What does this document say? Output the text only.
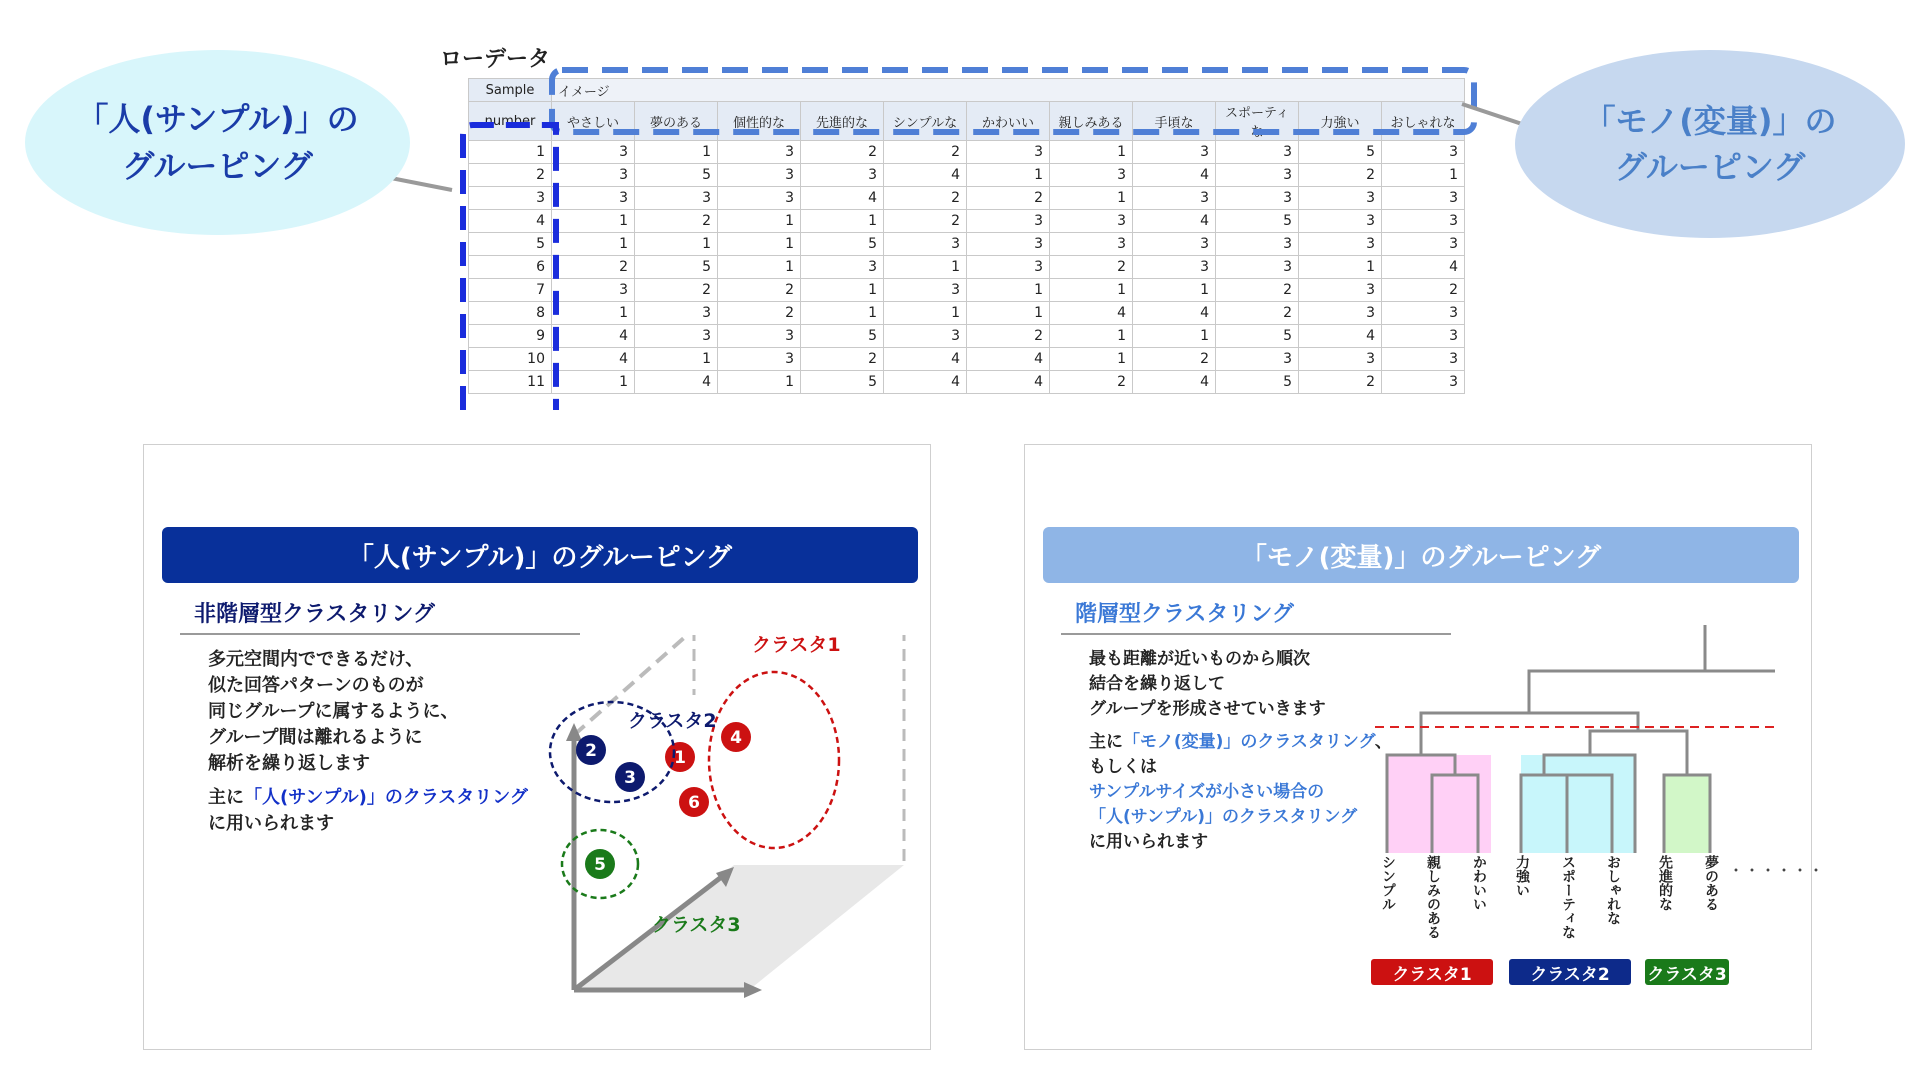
ローデータ
Sample	イメージ										
number	やさしい	夢のある	個性的な	先進的な	シンプルな	かわいい	親しみある	手頃な	スポーティな	力強い	おしゃれな
1	3	1	3	2	2	3	1	3	3	5	3
2	3	5	3	3	4	1	3	4	3	2	1
3	3	3	3	4	2	2	1	3	3	3	3
4	1	2	1	1	2	3	3	4	5	3	3
5	1	1	1	5	3	3	3	3	3	3	3
6	2	5	1	3	1	3	2	3	3	1	4
7	3	2	2	1	3	1	1	1	2	3	2
8	1	3	2	1	1	1	4	4	2	3	3
9	4	3	3	5	3	2	1	1	5	4	3
10	4	1	3	2	4	4	1	2	3	3	3
11	1	4	1	5	4	4	2	4	5	2	3
「人(サンプル)」の
グルーピング
「モノ(変量)」の
グルーピング
「人(サンプル)」のグルーピング
非階層型クラスタリング
多元空間内でできるだけ、
似た回答パターンのものが
同じグループに属するように、
グループ間は離れるように
解析を繰り返します
主に「人(サンプル)」のクラスタリング
に用いられます
クラスタ1
1
4
6
クラスタ2
2
3
クラスタ3
5
「モノ(変量)」のグルーピング
階層型クラスタリング
最も距離が近いものから順次
結合を繰り返して
グループを形成させていきます
主に「モノ(変量)」のクラスタリング、
もしくは
サンプルサイズが小さい場合の
「人(サンプル)」のクラスタリング
に用いられます
シンプル 親しみのある かわいい 力強い スポーティな おしゃれな	先進的な 夢のある ・・・・・・
クラスタ1	クラスタ2	クラスタ3
